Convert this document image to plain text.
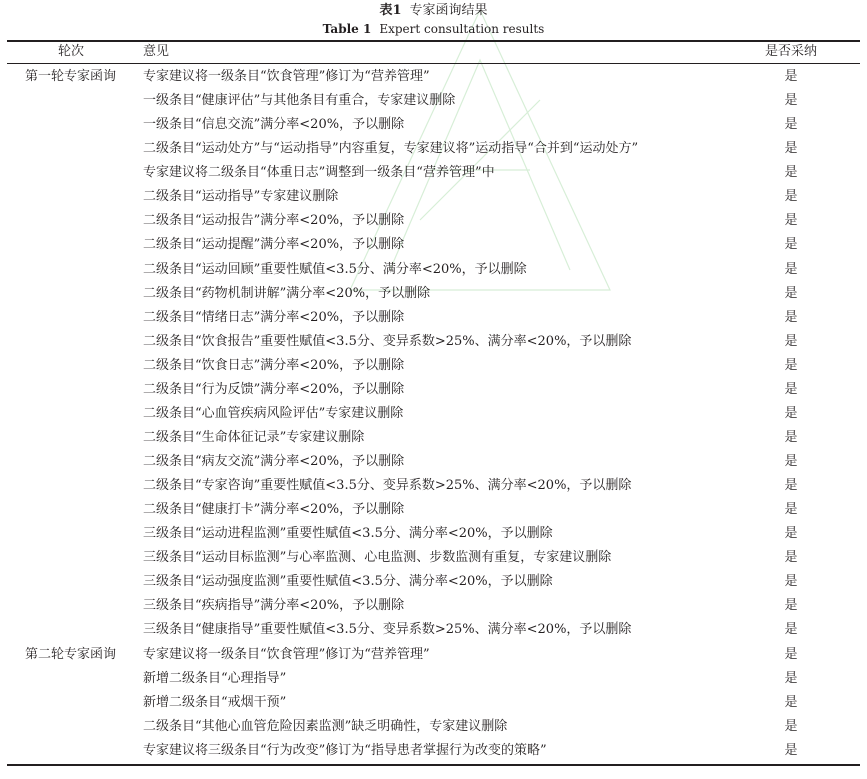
表1 专家函询结果
Table 1 Expert consultation results
轮次	意见	是否采纳
第一轮专家函询 专家建议将一级条目“饮食管理”修订为“营养管理”	是
一级条目“健康评估”与其他条目有重合，专家建议删除	是
一级条目“信息交流”满分率<20%，予以删除	是
二级条目“运动处方”与“运动指导”内容重复，专家建议将”运动指导“合并到“运动处方”	是
专家建议将二级条目“体重日志”调整到一级条目“营养管理”中	是
二级条目“运动指导”专家建议删除	是
二级条目“运动报告”满分率<20%，予以删除	是
二级条目“运动提醒”满分率<20%，予以删除	是
二级条目“运动回顾”重要性赋值<3.5分、满分率<20%，予以删除	是
二级条目“药物机制讲解”满分率<20%，予以删除	是
二级条目“情绪日志”满分率<20%，予以删除	是
二级条目“饮食报告”重要性赋值<3.5分、变异系数>25%、满分率<20%，予以删除	是
二级条目“饮食日志”满分率<20%，予以删除	是
二级条目“行为反馈”满分率<20%，予以删除	是
二级条目“心血管疾病风险评估”专家建议删除	是
二级条目“生命体征记录”专家建议删除	是
二级条目“病友交流”满分率<20%，予以删除	是
二级条目“专家咨询”重要性赋值<3.5分、变异系数>25%、满分率<20%，予以删除	是
二级条目“健康打卡”满分率<20%，予以删除	是
三级条目“运动进程监测”重要性赋值<3.5分、满分率<20%，予以删除	是
三级条目“运动目标监测”与心率监测、心电监测、步数监测有重复，专家建议删除	是
三级条目“运动强度监测”重要性赋值<3.5分、满分率<20%，予以删除	是
三级条目“疾病指导”满分率<20%，予以删除	是
三级条目“健康指导”重要性赋值<3.5分、变异系数>25%、满分率<20%，予以删除	是
第二轮专家函询 专家建议将一级条目“饮食管理”修订为“营养管理”	是
新增二级条目“心理指导”	是
新增二级条目“戒烟干预”	是
二级条目“其他心血管危险因素监测”缺乏明确性，专家建议删除	是
专家建议将三级条目“行为改变”修订为“指导患者掌握行为改变的策略”	是
